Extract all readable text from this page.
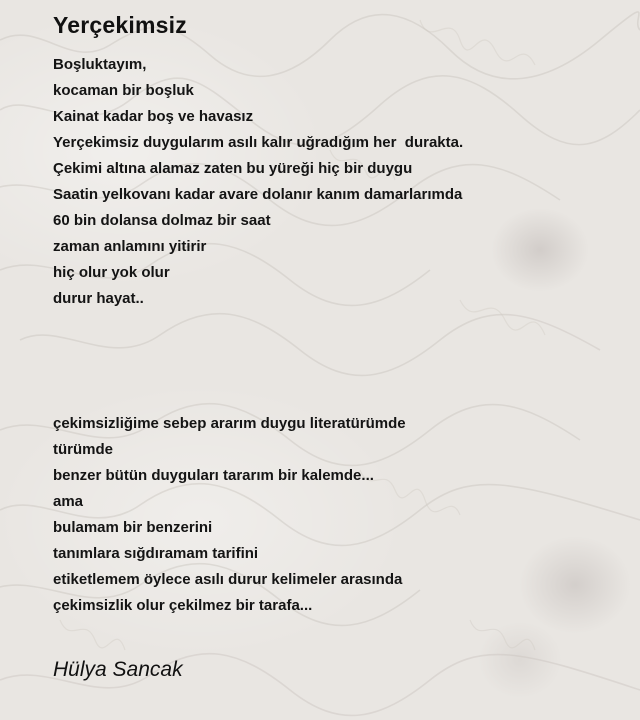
Yerçekimsiz
Boşluktayım,
kocaman bir boşluk
Kainat kadar boş ve havasız
Yerçekimsiz duygularım asılı kalır uğradığım her  durakta.
Çekimi altına alamaz zaten bu yüreği hiç bir duygu
Saatin yelkovanı kadar avare dolanır kanım damarlarımda
60 bin dolansa dolmaz bir saat
zaman anlamını yitirir
hiç olur yok olur
durur hayat..
çekimsizliğime sebep ararım duygu literatürümde
türümde
benzer bütün duyguları tararım bir kalemde...
ama
bulamam bir benzerini
tanımlara sığdıramam tarifini
etiketlemem öylece asılı durur kelimeler arasında
çekimsizlik olur çekilmez bir tarafa...
Hülya Sancak
